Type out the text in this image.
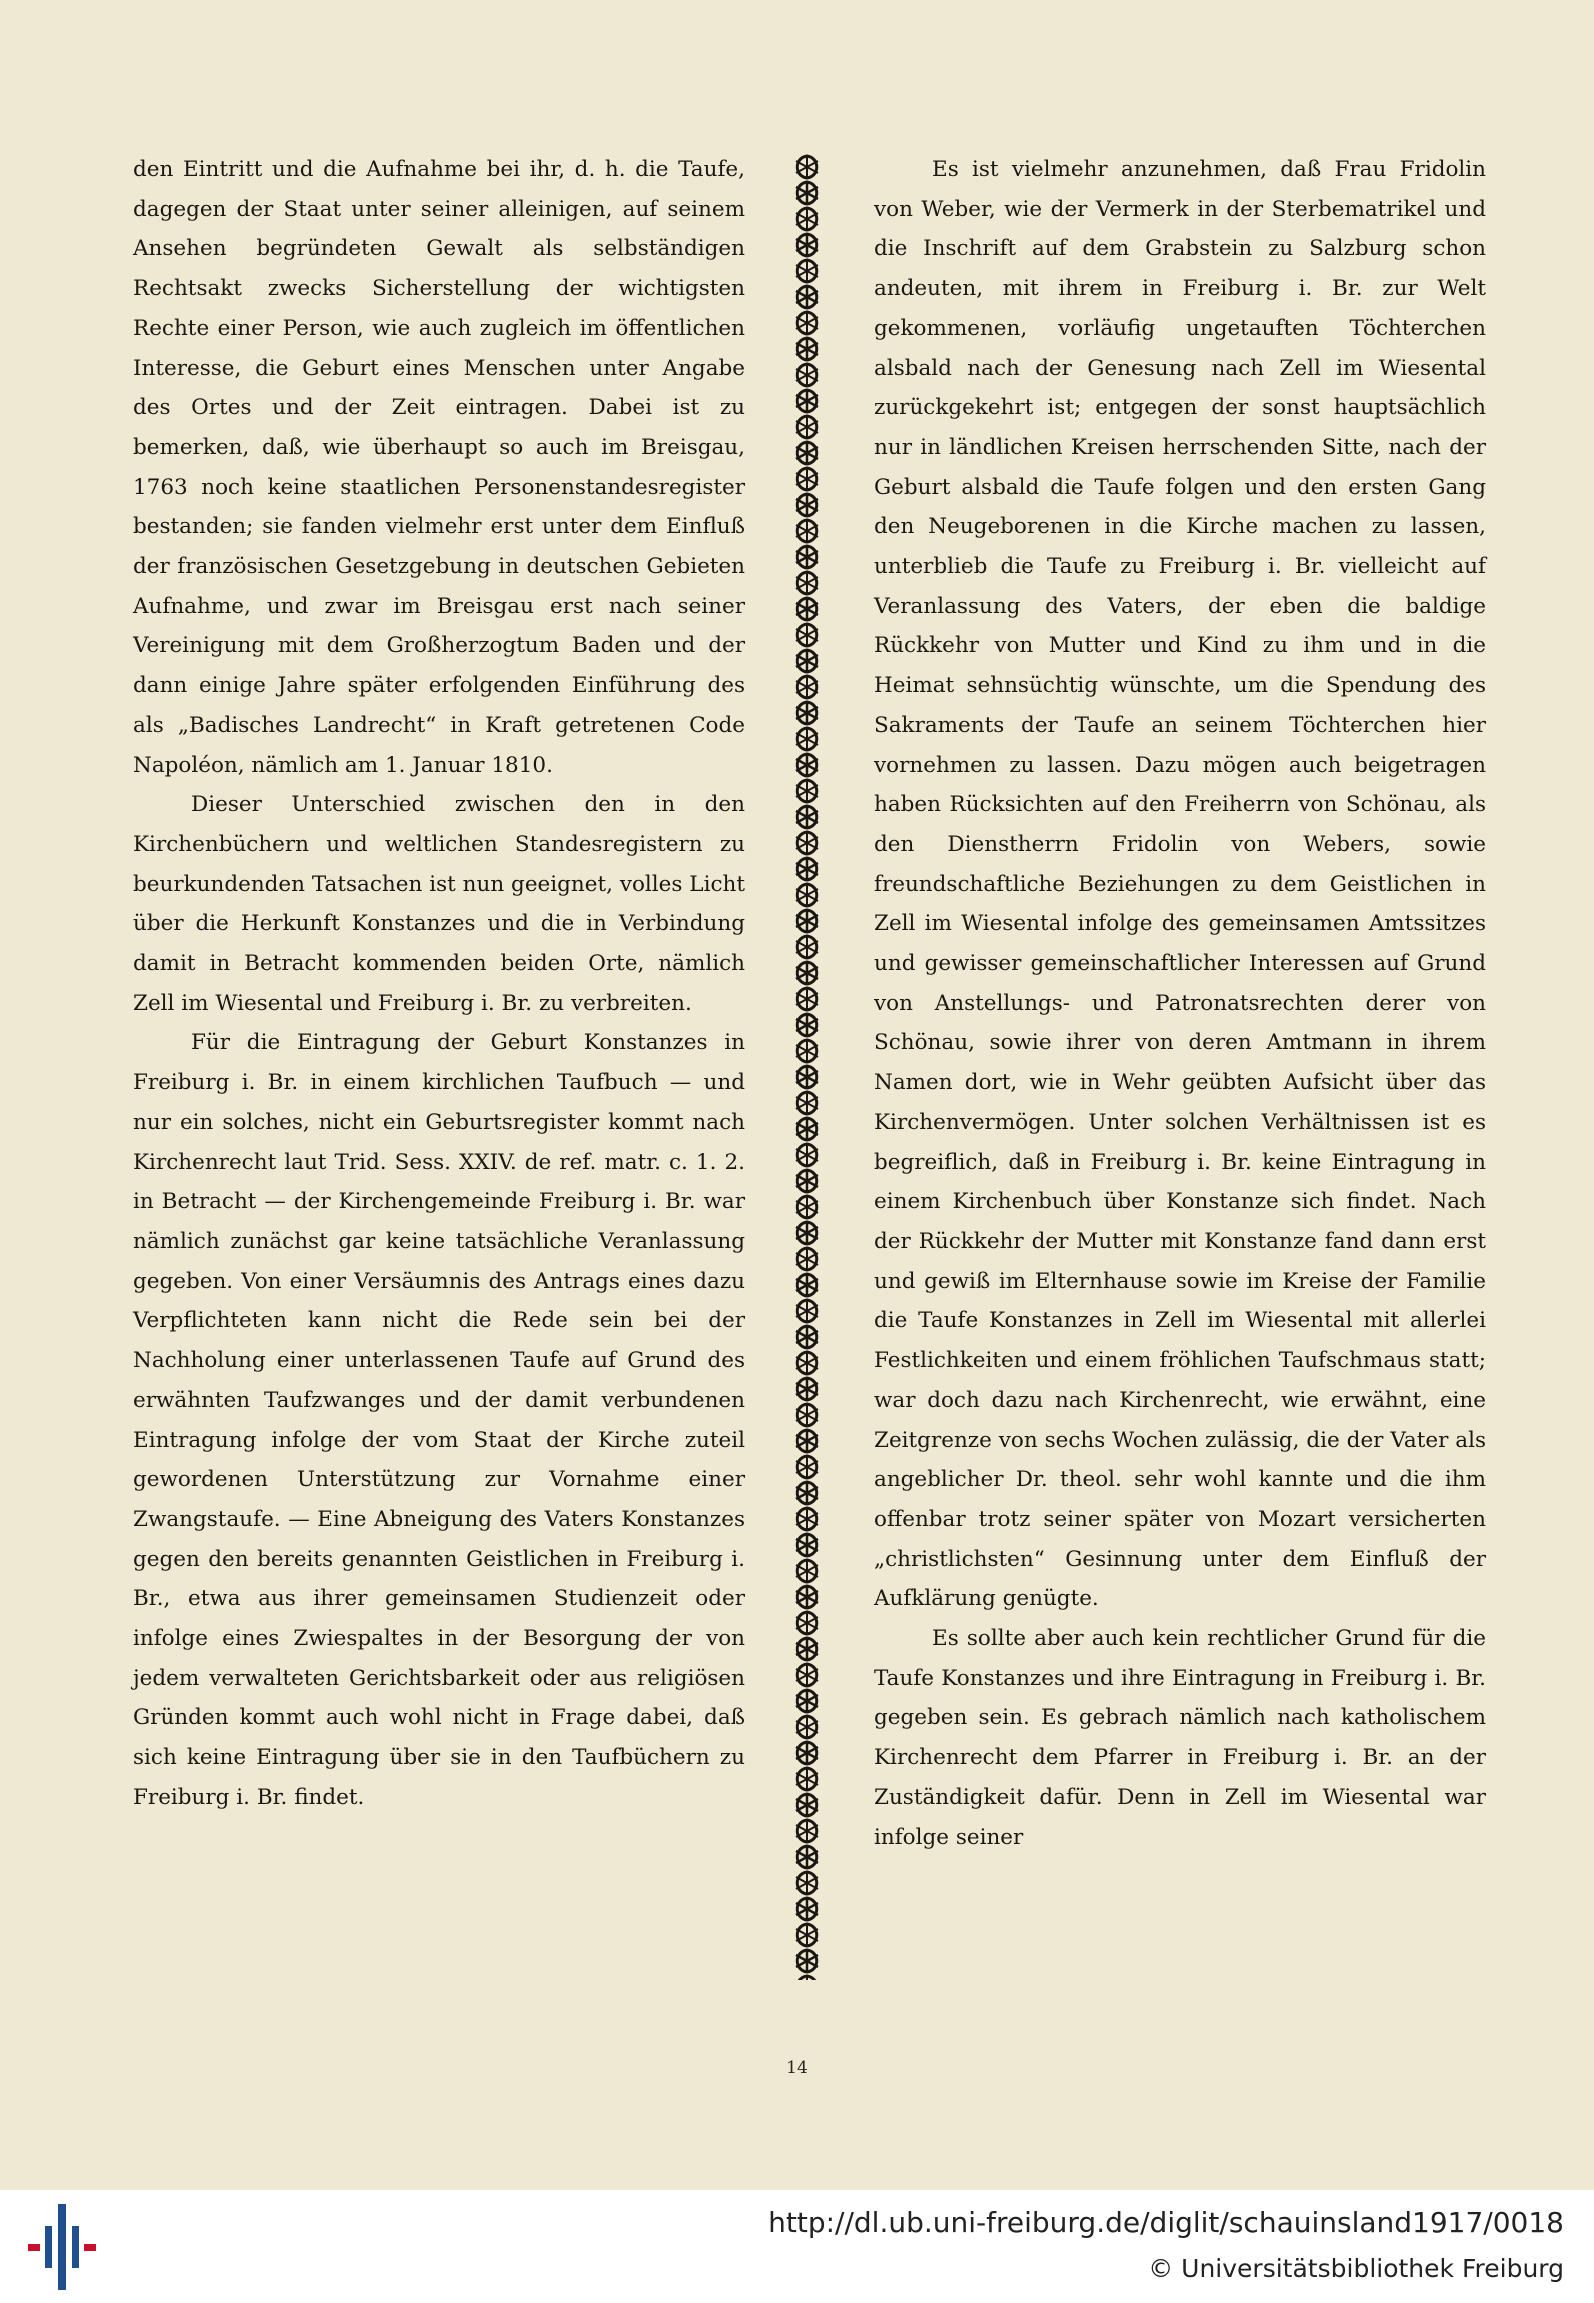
den Eintritt und die Aufnahme bei ihr, d. h. die Taufe, dagegen der Staat unter seiner alleinigen, auf seinem Ansehen begründeten Gewalt als selbständigen Rechtsakt zwecks Sicherstellung der wichtigsten Rechte einer Person, wie auch zugleich im öffentlichen Interesse, die Geburt eines Menschen unter Angabe des Ortes und der Zeit eintragen. Dabei ist zu bemerken, daß, wie überhaupt so auch im Breisgau, 1763 noch keine staatlichen Personenstandesregister bestanden; sie fanden vielmehr erst unter dem Einfluß der französischen Gesetzgebung in deutschen Gebieten Aufnahme, und zwar im Breisgau erst nach seiner Vereinigung mit dem Großherzogtum Baden und der dann einige Jahre später erfolgenden Einführung des als „Badisches Landrecht“ in Kraft getretenen Code Napoléon, nämlich am 1. Januar 1810.

Dieser Unterschied zwischen den in den Kirchenbüchern und weltlichen Standesregistern zu beurkundenden Tatsachen ist nun geeignet, volles Licht über die Herkunft Konstanzes und die in Verbindung damit in Betracht kommenden beiden Orte, nämlich Zell im Wiesental und Freiburg i. Br. zu verbreiten.

Für die Eintragung der Geburt Konstanzes in Freiburg i. Br. in einem kirchlichen Taufbuch — und nur ein solches, nicht ein Geburtsregister kommt nach Kirchenrecht laut Trid. Sess. XXIV. de ref. matr. c. 1. 2. in Betracht — der Kirchengemeinde Freiburg i. Br. war nämlich zunächst gar keine tatsächliche Veranlassung gegeben. Von einer Versäumnis des Antrags eines dazu Verpflichteten kann nicht die Rede sein bei der Nachholung einer unterlassenen Taufe auf Grund des erwähnten Taufzwanges und der damit verbundenen Eintragung infolge der vom Staat der Kirche zuteil gewordenen Unterstützung zur Vornahme einer Zwangstaufe. — Eine Abneigung des Vaters Konstanzes gegen den bereits genannten Geistlichen in Freiburg i. Br., etwa aus ihrer gemeinsamen Studienzeit oder infolge eines Zwiespaltes in der Besorgung der von jedem verwalteten Gerichtsbarkeit oder aus religiösen Gründen kommt auch wohl nicht in Frage dabei, daß sich keine Eintragung über sie in den Taufbüchern zu Freiburg i. Br. findet.

Es ist vielmehr anzunehmen, daß Frau Fridolin von Weber, wie der Vermerk in der Sterbematrikel und die Inschrift auf dem Grabstein zu Salzburg schon andeuten, mit ihrem in Freiburg i. Br. zur Welt gekommenen, vorläufig ungetauften Töchterchen alsbald nach der Genesung nach Zell im Wiesental zurückgekehrt ist; entgegen der sonst hauptsächlich nur in ländlichen Kreisen herrschenden Sitte, nach der Geburt alsbald die Taufe folgen und den ersten Gang den Neugeborenen in die Kirche machen zu lassen, unterblieb die Taufe zu Freiburg i. Br. vielleicht auf Veranlassung des Vaters, der eben die baldige Rückkehr von Mutter und Kind zu ihm und in die Heimat sehnsüchtig wünschte, um die Spendung des Sakraments der Taufe an seinem Töchterchen hier vornehmen zu lassen. Dazu mögen auch beigetragen haben Rücksichten auf den Freiherrn von Schönau, als den Dienstherrn Fridolin von Webers, sowie freundschaftliche Beziehungen zu dem Geistlichen in Zell im Wiesental infolge des gemeinsamen Amtssitzes und gewisser gemeinschaftlicher Interessen auf Grund von Anstellungs- und Patronatsrechten derer von Schönau, sowie ihrer von deren Amtmann in ihrem Namen dort, wie in Wehr geübten Aufsicht über das Kirchenvermögen. Unter solchen Verhältnissen ist es begreiflich, daß in Freiburg i. Br. keine Eintragung in einem Kirchenbuch über Konstanze sich findet. Nach der Rückkehr der Mutter mit Konstanze fand dann erst und gewiß im Elternhause sowie im Kreise der Familie die Taufe Konstanzes in Zell im Wiesental mit allerlei Festlichkeiten und einem fröhlichen Taufschmaus statt; war doch dazu nach Kirchenrecht, wie erwähnt, eine Zeitgrenze von sechs Wochen zulässig, die der Vater als angeblicher Dr. theol. sehr wohl kannte und die ihm offenbar trotz seiner später von Mozart versicherten „christlichsten“ Gesinnung unter dem Einfluß der Aufklärung genügte.

Es sollte aber auch kein rechtlicher Grund für die Taufe Konstanzes und ihre Eintragung in Freiburg i. Br. gegeben sein. Es gebrach nämlich nach katholischem Kirchenrecht dem Pfarrer in Freiburg i. Br. an der Zuständigkeit dafür. Denn in Zell im Wiesental war infolge seiner

14
http://dl.ub.uni-freiburg.de/diglit/schauinsland1917/0018
© Universitätsbibliothek Freiburg
